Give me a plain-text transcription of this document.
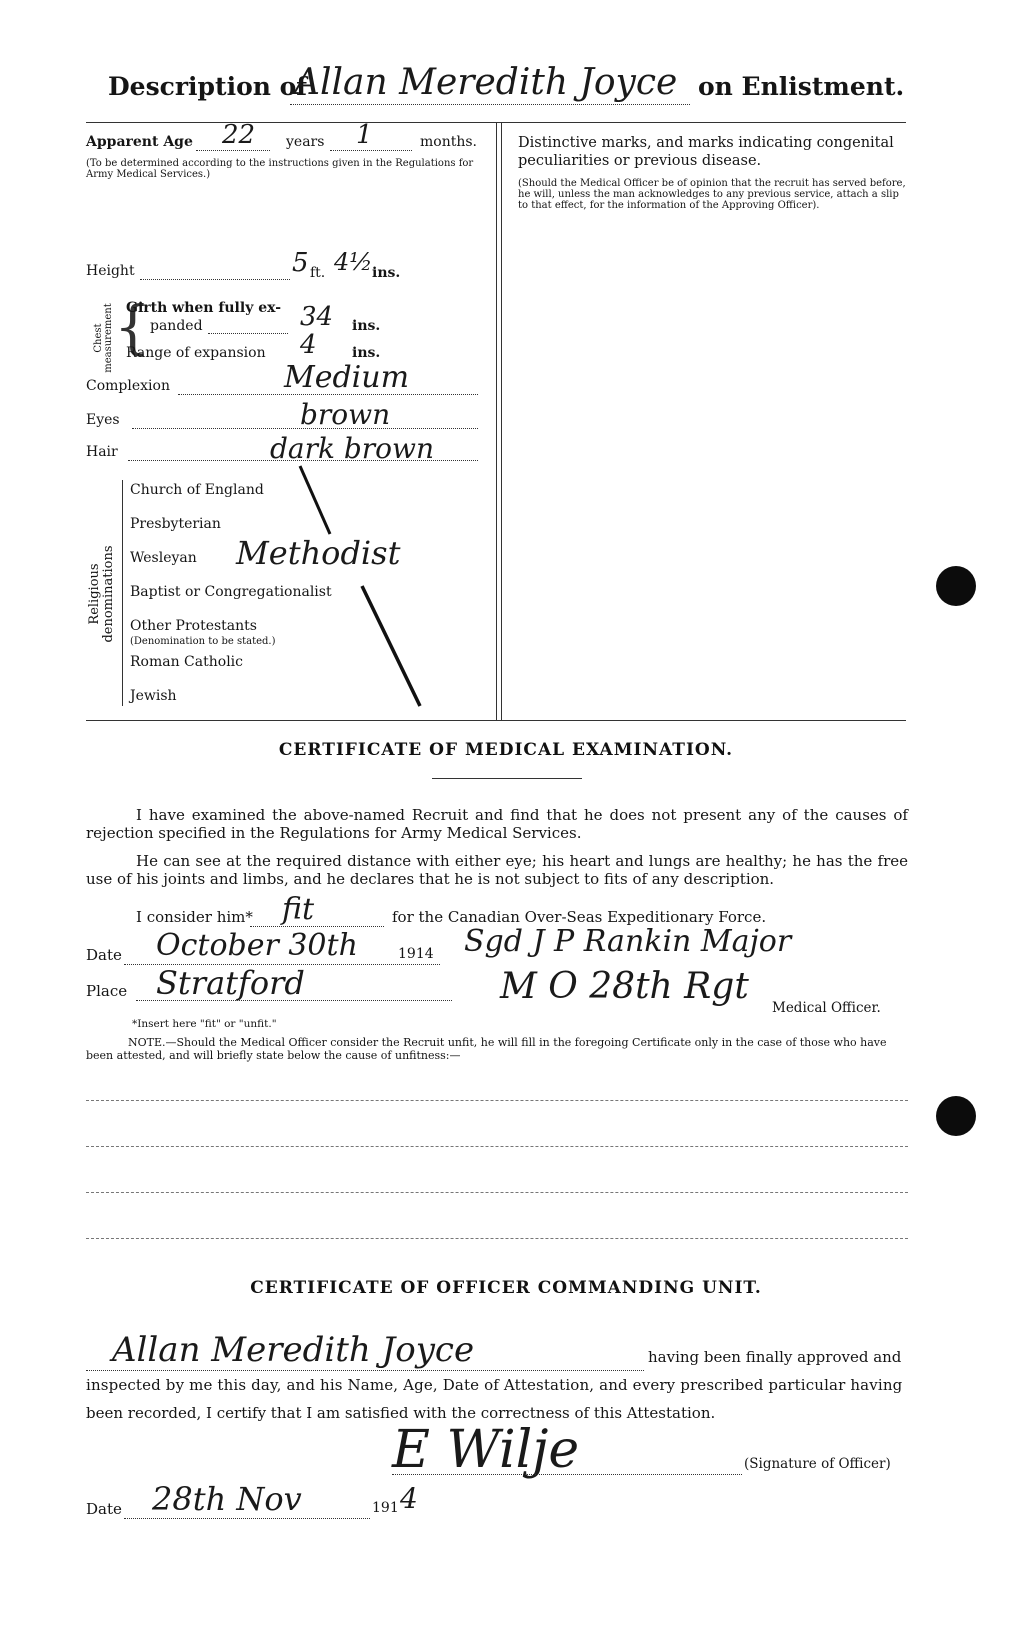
Description of
Allan Meredith Joyce on Enlistment.
Apparent Age 22 years 1	months.
(To be determined according to the instructions given in the Regulations for Army Medical Services.)
Height	5 ft. 4½ ins.
Chest measurement {
Girth when fully ex-
panded	34 ins.
Range of expansion 4	ins.
Complexion	Medium
Eyes	brown
Hair	dark brown
Religious denominations
Church of England
Presbyterian
Wesleyan
Baptist or Congregationalist
Other Protestants
(Denomination to be stated.)
Roman Catholic
Jewish
Methodist
Distinctive marks, and marks indicating congenital peculiarities or previous disease.
(Should the Medical Officer be of opinion that the recruit has served before, he will, unless the man acknowledges to any previous service, attach a slip to that effect, for the information of the Approving Officer).
CERTIFICATE OF MEDICAL EXAMINATION.
I have examined the above-named Recruit and find that he does not present any of the causes of rejection specified in the Regulations for Army Medical Services.
He can see at the required distance with either eye; his heart and lungs are healthy; he has the free use of his joints and limbs, and he declares that he is not subject to fits of any description.
I consider him* fit	for the Canadian Over-Seas Expeditionary Force.
Date October 30th	1914 Sgd J P Rankin Major
M O 28th Rgt
Place Stratford
Medical Officer.
*Insert here "fit" or "unfit."
NOTE.—Should the Medical Officer consider the Recruit unfit, he will fill in the foregoing Certificate only in the case of those who have been attested, and will briefly state below the cause of unfitness:—
CERTIFICATE OF OFFICER COMMANDING UNIT.
Allan Meredith Joyce	having been finally approved and
inspected by me this day, and his Name, Age, Date of Attestation, and every prescribed particular having
been recorded, I certify that I am satisfied with the correctness of this Attestation.
E Wilje	(Signature of Officer)
Date 28th Nov	191 4
